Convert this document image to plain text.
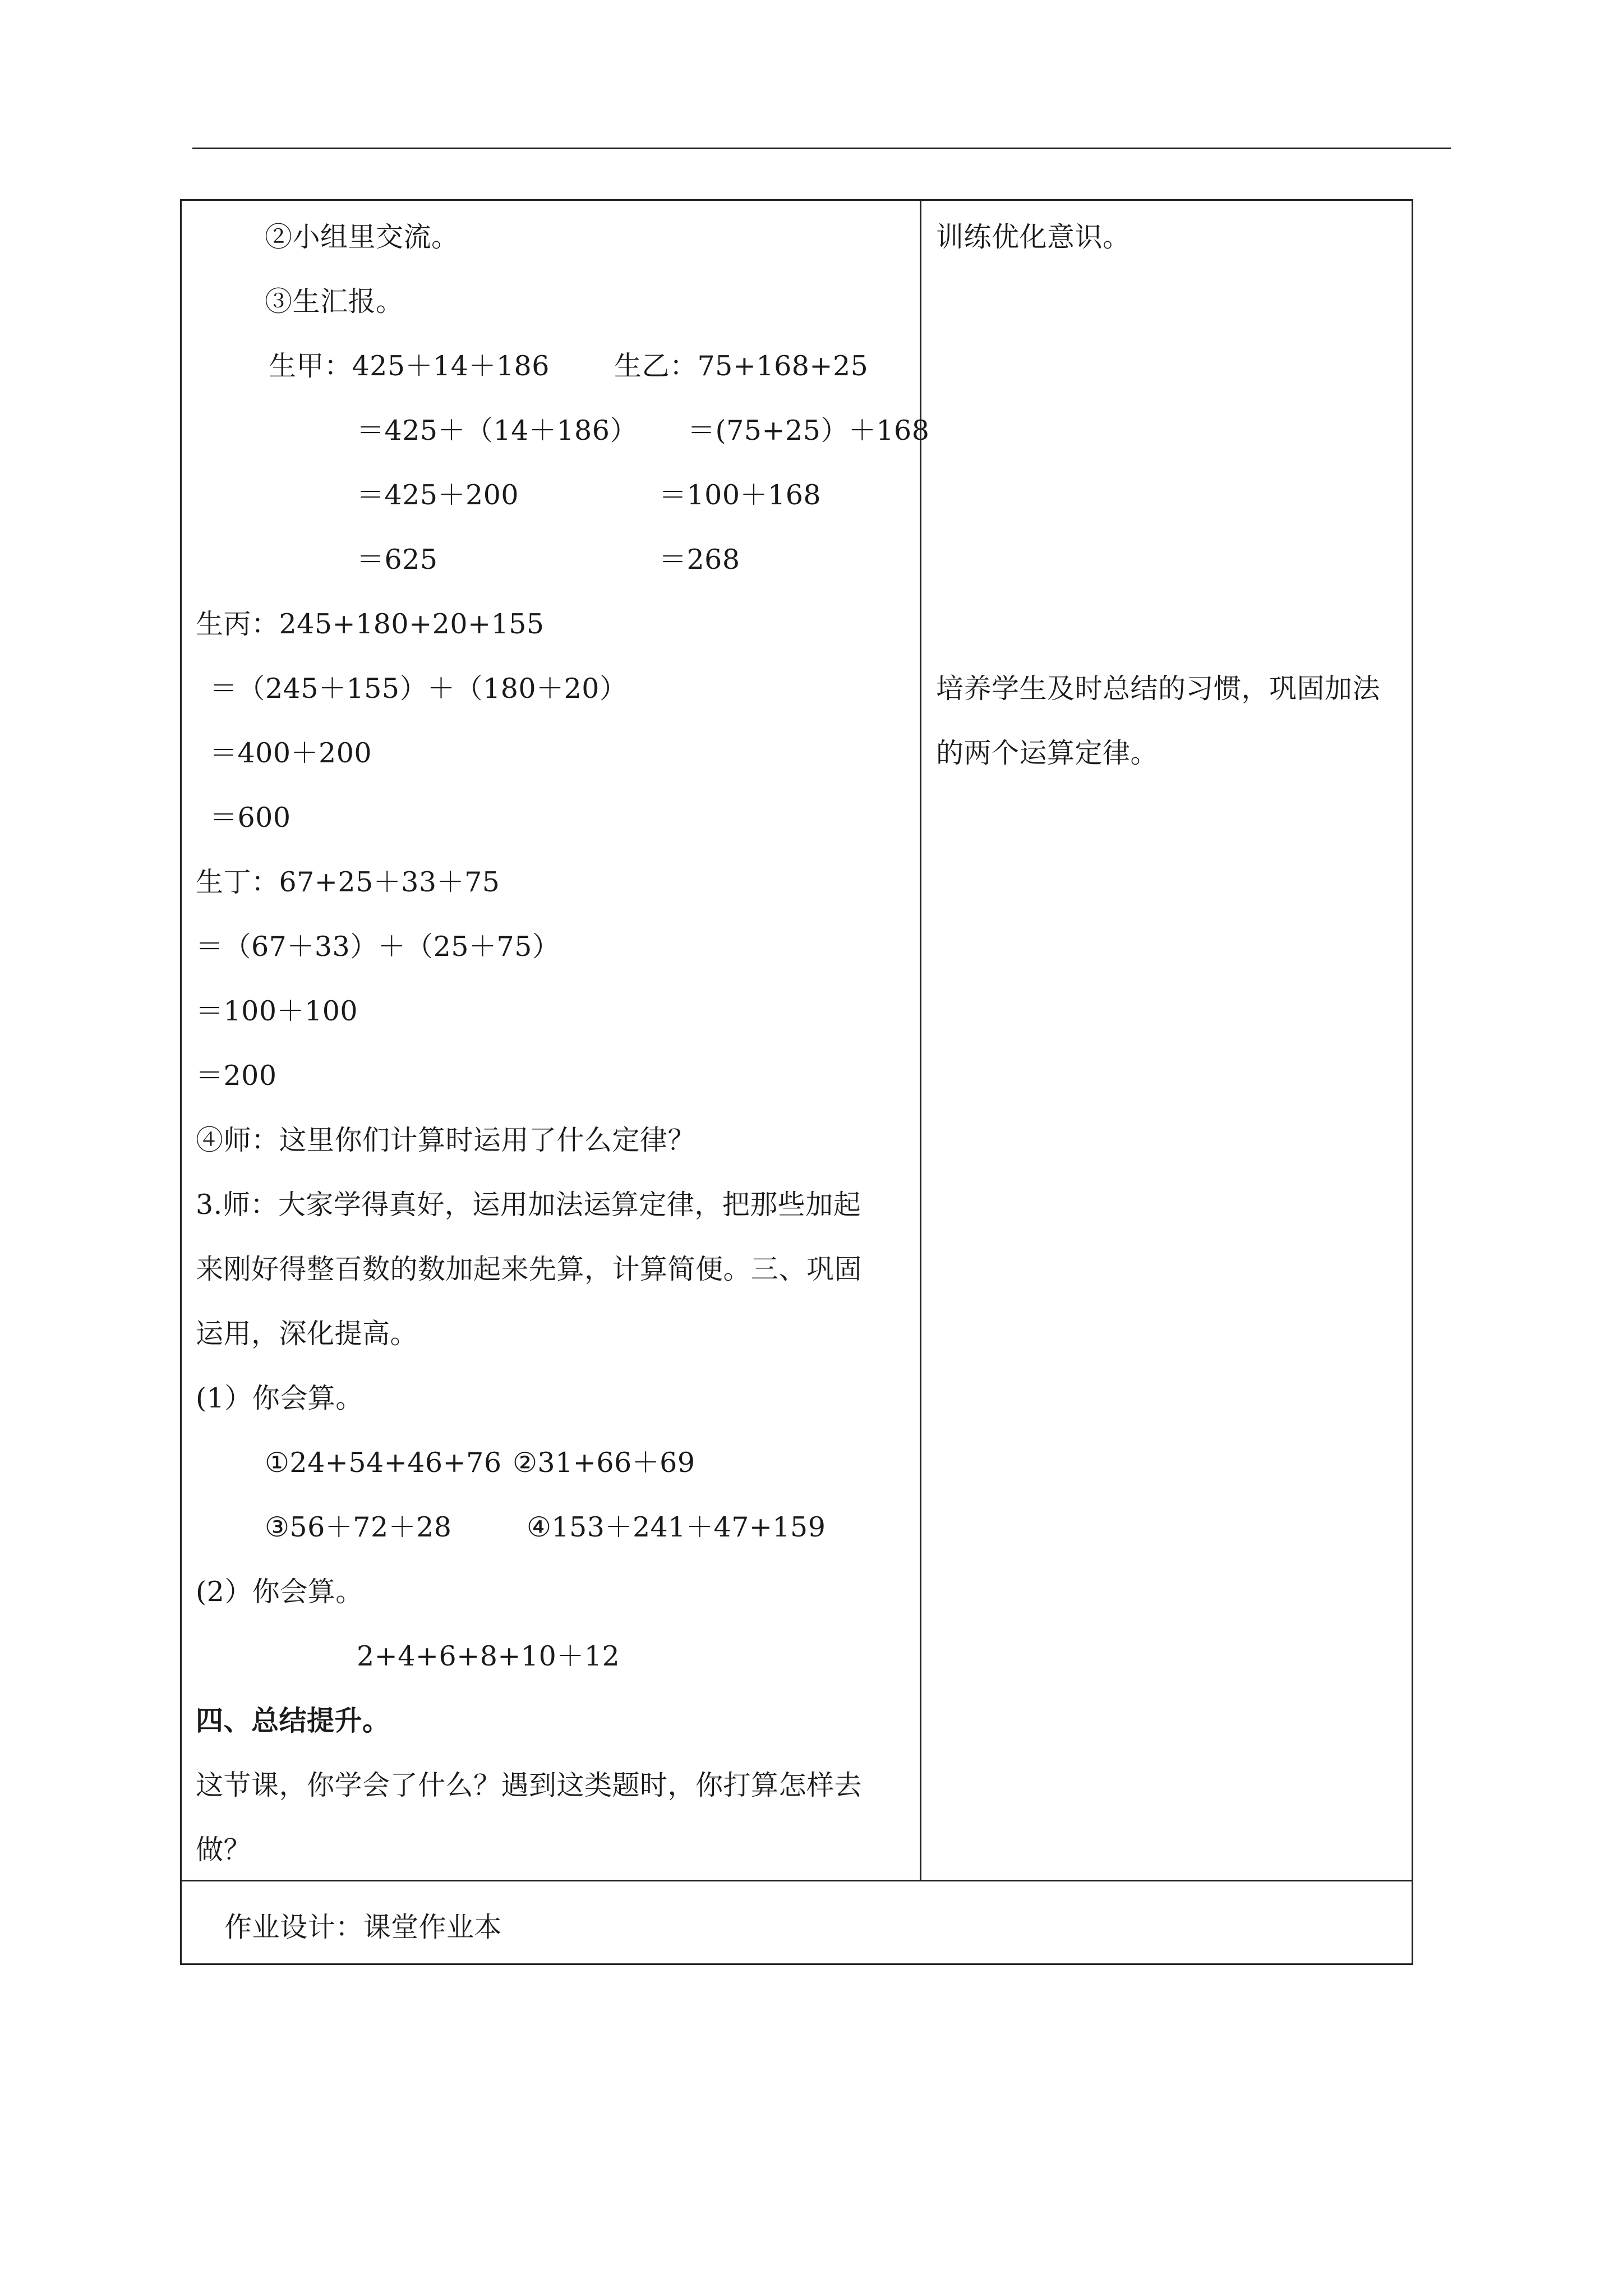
②小组里交流。
③生汇报。
生甲：425＋14＋186 生乙：75+168+25
＝425＋（14＋186） ＝(75+25）＋168
＝425＋200	＝100＋168
＝625	＝268
生丙：245+180+20+155
＝（245＋155）＋（180＋20）
＝400＋200
＝600
生丁：67+25＋33＋75
＝（67＋33）＋（25＋75）
＝100＋100
＝200
④师：这里你们计算时运用了什么定律？
3.师：大家学得真好，运用加法运算定律，把那些加起
来刚好得整百数的数加起来先算，计算简便。三、巩固
运用，深化提高。
(1）你会算。
①24+54+46+76 ②31+66＋69
③56＋72＋28	④153＋241＋47+159
(2）你会算。
2+4+6+8+10＋12
四、总结提升。
这节课，你学会了什么？遇到这类题时，你打算怎样去
做？
训练优化意识。
培养学生及时总结的习惯，巩固加法
的两个运算定律。
作业设计：课堂作业本
